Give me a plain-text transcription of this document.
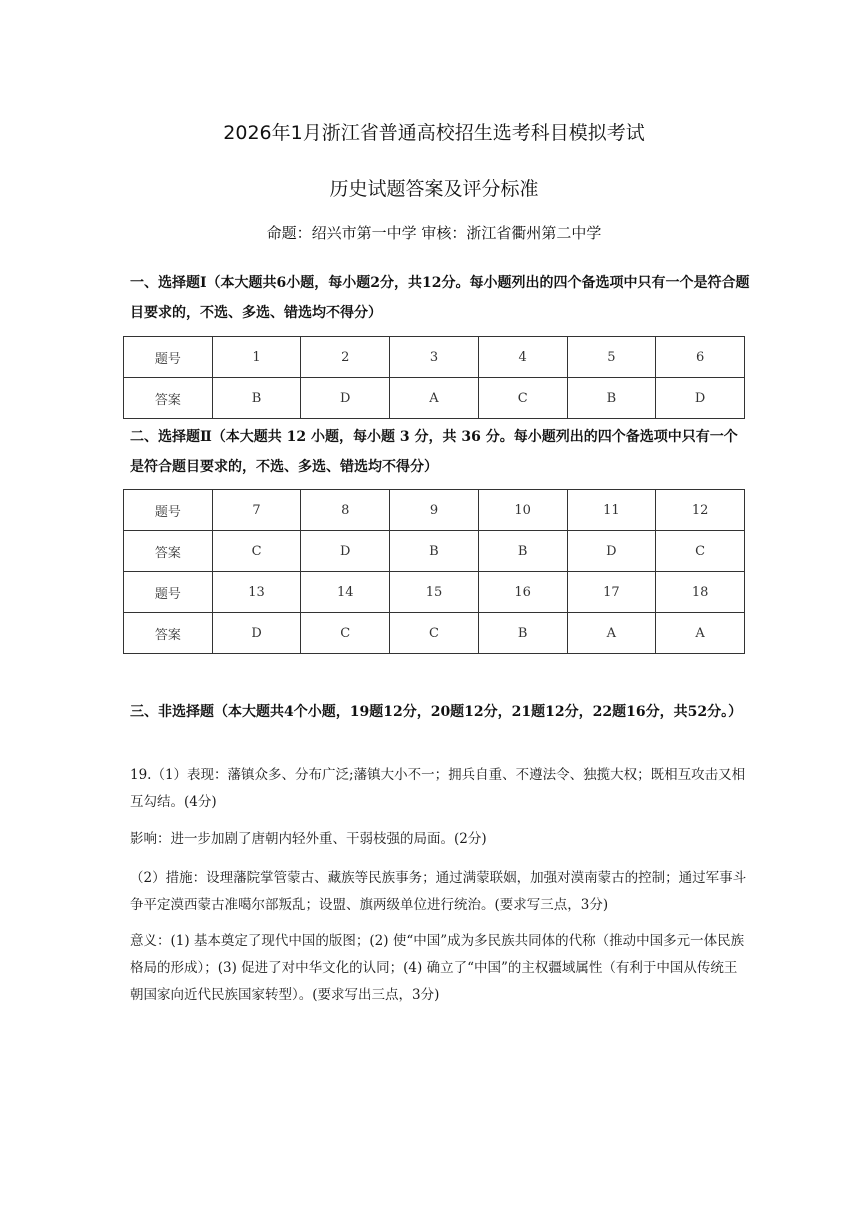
2026年1月浙江省普通高校招生选考科目模拟考试
历史试题答案及评分标准
命题：绍兴市第一中学 审核：浙江省衢州第二中学
一、选择题Ⅰ（本大题共6小题，每小题2分，共12分。每小题列出的四个备选项中只有一个是符合题目要求的，不选、多选、错选均不得分）
题号	1	2	3	4	5	6
答案	B	D	A	C	B	D
二、选择题Ⅱ（本大题共 12 小题，每小题 3 分，共 36 分。每小题列出的四个备选项中只有一个是符合题目要求的，不选、多选、错选均不得分）
题号	7	8	9	10	11	12
答案	C	D	B	B	D	C
题号	13	14	15	16	17	18
答案	D	C	C	B	A	A
三、非选择题（本大题共4个小题，19题12分，20题12分，21题12分，22题16分，共52分。）
19.（1）表现：藩镇众多、分布广泛;藩镇大小不一；拥兵自重、不遵法令、独揽大权；既相互攻击又相互勾结。(4分)
影响：进一步加剧了唐朝内轻外重、干弱枝强的局面。(2分)
（2）措施：设理藩院掌管蒙古、藏族等民族事务；通过满蒙联姻，加强对漠南蒙古的控制；通过军事斗争平定漠西蒙古准噶尔部叛乱；设盟、旗两级单位进行统治。(要求写三点，3分)
意义：(1) 基本奠定了现代中国的版图；(2) 使“中国”成为多民族共同体的代称（推动中国多元一体民族格局的形成）；(3) 促进了对中华文化的认同；(4) 确立了“中国”的主权疆域属性（有利于中国从传统王朝国家向近代民族国家转型）。(要求写出三点，3分)
